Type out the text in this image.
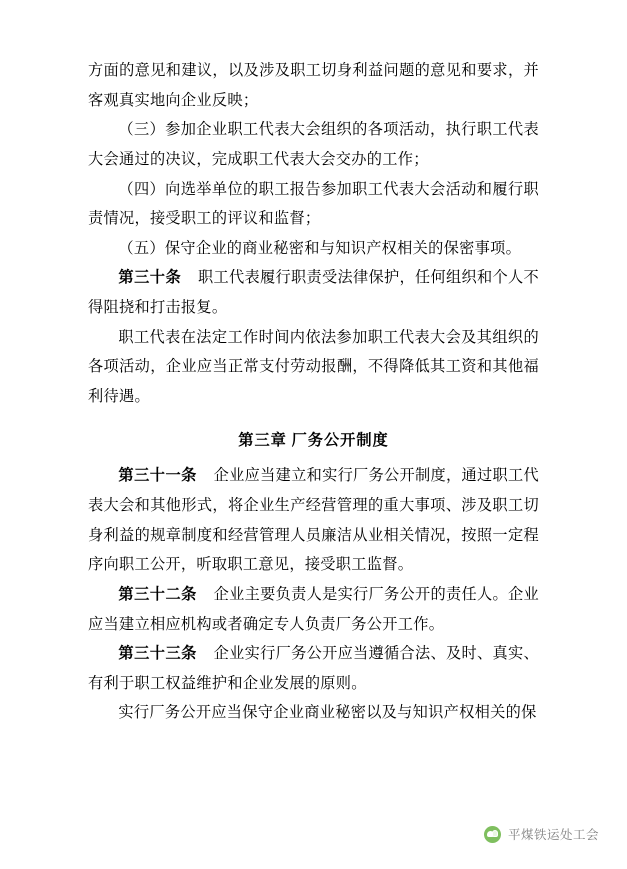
方面的意见和建议，以及涉及职工切身利益问题的意见和要求，并客观真实地向企业反映；

（三）参加企业职工代表大会组织的各项活动，执行职工代表大会通过的决议，完成职工代表大会交办的工作；

（四）向选举单位的职工报告参加职工代表大会活动和履行职责情况，接受职工的评议和监督；

（五）保守企业的商业秘密和与知识产权相关的保密事项。

第三十条 职工代表履行职责受法律保护，任何组织和个人不得阻挠和打击报复。

职工代表在法定工作时间内依法参加职工代表大会及其组织的各项活动，企业应当正常支付劳动报酬，不得降低其工资和其他福利待遇。

第三章 厂务公开制度

第三十一条 企业应当建立和实行厂务公开制度，通过职工代表大会和其他形式，将企业生产经营管理的重大事项、涉及职工切身利益的规章制度和经营管理人员廉洁从业相关情况，按照一定程序向职工公开，听取职工意见，接受职工监督。

第三十二条 企业主要负责人是实行厂务公开的责任人。企业应当建立相应机构或者确定专人负责厂务公开工作。

第三十三条 企业实行厂务公开应当遵循合法、及时、真实、有利于职工权益维护和企业发展的原则。

实行厂务公开应当保守企业商业秘密以及与知识产权相关的保

平煤铁运处工会
